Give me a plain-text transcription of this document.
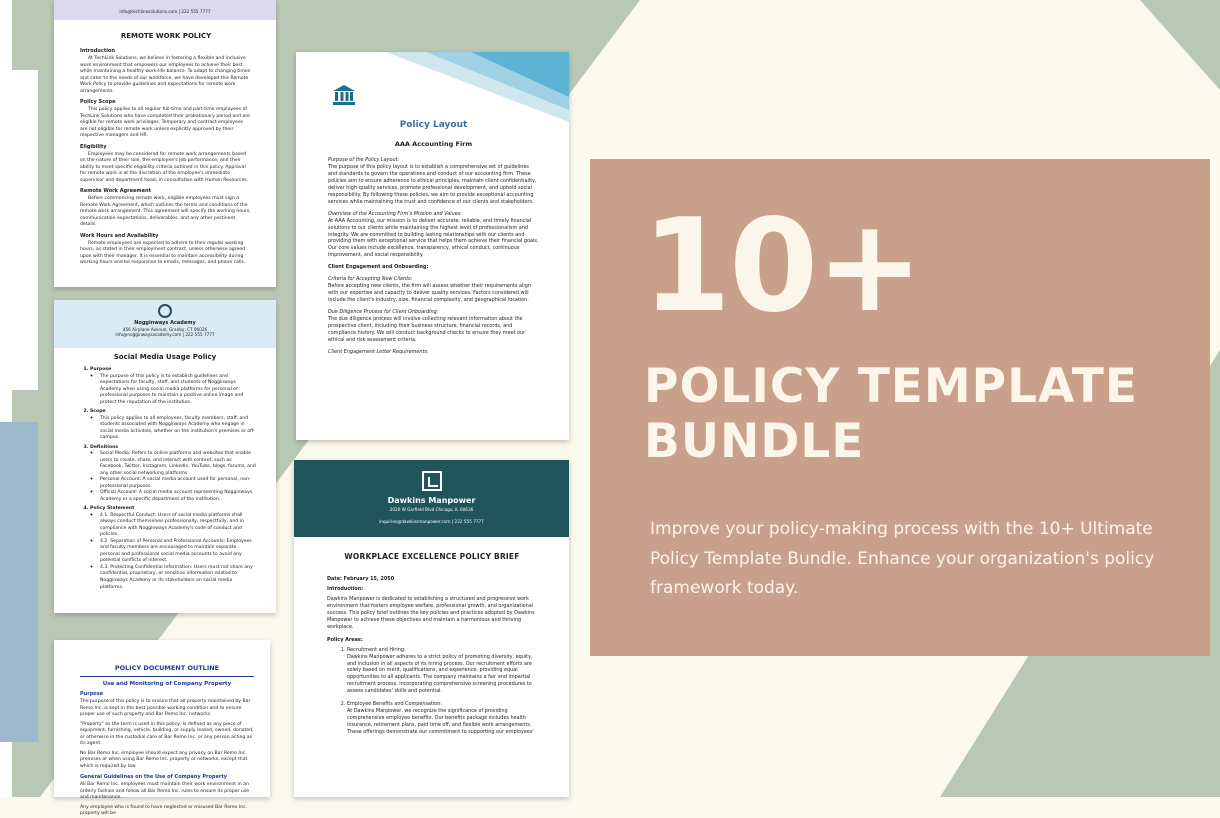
info@techlinesolutions.com | 222 555 7777
REMOTE WORK POLICY
Introduction

At TechLink Solutions, we believe in fostering a flexible and inclusive work environment that empowers our employees to achieve their best while maintaining a healthy work-life balance. To adapt to changing times and cater to the needs of our workforce, we have developed this Remote Work Policy to provide guidelines and expectations for remote work arrangements.

Policy Scope

This policy applies to all regular full-time and part-time employees of TechLink Solutions who have completed their probationary period and are eligible for remote work privileges. Temporary and contract employees are not eligible for remote work unless explicitly approved by their respective managers and HR.

Eligibility

Employees may be considered for remote work arrangements based on the nature of their role, the employee's job performance, and their ability to meet specific eligibility criteria outlined in this policy. Approval for remote work is at the discretion of the employee's immediate supervisor and department head, in consultation with Human Resources.

Remote Work Agreement

Before commencing remote work, eligible employees must sign a Remote Work Agreement, which outlines the terms and conditions of the remote work arrangement. This agreement will specify the working hours, communication expectations, deliverables, and any other pertinent details.

Work Hours and Availability

Remote employees are expected to adhere to their regular working hours, as stated in their employment contract, unless otherwise agreed upon with their manager. It is essential to maintain accessibility during working hours and be responsive to emails, messages, and phone calls.

Nogginways Academy

456 Airplane Avenue, Granby, CT 06026

info@nogginwaysacademy.com | 222 555 7777

Social Media Usage Policy
1. Purpose
◦ The purpose of this policy is to establish guidelines and expectations for faculty, staff, and students of Nogginways Academy when using social media platforms for personal or professional purposes to maintain a positive online image and protect the reputation of the institution.
2. Scope
◦ This policy applies to all employees, faculty members, staff, and students associated with Nogginways Academy who engage in social media activities, whether on the institution's premises or off-campus.
3. Definitions
◦ Social Media: Refers to online platforms and websites that enable users to create, share, and interact with content, such as Facebook, Twitter, Instagram, LinkedIn, YouTube, blogs, forums, and any other social networking platforms.
◦ Personal Account: A social media account used for personal, non-professional purposes.
◦ Official Account: A social media account representing Nogginways Academy or a specific department of the institution.
4. Policy Statement
◦ 4.1. Respectful Conduct: Users of social media platforms shall always conduct themselves professionally, respectfully, and in compliance with Nogginways Academy's code of conduct and policies.
◦ 4.2. Separation of Personal and Professional Accounts: Employees and faculty members are encouraged to maintain separate personal and professional social media accounts to avoid any potential conflicts of interest.
◦ 4.3. Protecting Confidential Information: Users must not share any confidential, proprietary, or sensitive information related to Nogginways Academy or its stakeholders on social media platforms.
POLICY DOCUMENT OUTLINE
Use and Monitoring of Company Property
Purpose

The purpose of this policy is to ensure that all property maintained by Bar Remo Inc. is kept in the best possible working condition and to ensure proper use of such property and Bar Remo Inc. networks.

"Property" as the term is used in this policy, is defined as any piece of equipment, furnishing, vehicle, building, or supply leased, owned, donated, or otherwise in the custodial care of Bar Remo Inc. or any person acting as its agent.

No Bar Remo Inc. employee should expect any privacy on Bar Remo Inc. premises or when using Bar Remo Inc. property or networks, except that which is required by law.

General Guidelines on the Use of Company Property

All Bar Remo Inc. employees must maintain their work environment in an orderly fashion and follow all Bar Remo Inc. rules to ensure its proper use and maintenance.

Any employee who is found to have neglected or misused Bar Remo Inc. property will be

Policy Layout
AAA Accounting Firm

Purpose of the Policy Layout:

The purpose of this policy layout is to establish a comprehensive set of guidelines and standards to govern the operations and conduct of our accounting firm. These policies aim to ensure adherence to ethical principles, maintain client confidentiality, deliver high-quality services, promote professional development, and uphold social responsibility. By following these policies, we aim to provide exceptional accounting services while maintaining the trust and confidence of our clients and stakeholders.

Overview of the Accounting Firm's Mission and Values:

At AAA Accounting, our mission is to deliver accurate, reliable, and timely financial solutions to our clients while maintaining the highest level of professionalism and integrity. We are committed to building lasting relationships with our clients and providing them with exceptional service that helps them achieve their financial goals. Our core values include excellence, transparency, ethical conduct, continuous improvement, and social responsibility.

Client Engagement and Onboarding:

Criteria for Accepting New Clients:

Before accepting new clients, the firm will assess whether their requirements align with our expertise and capacity to deliver quality services. Factors considered will include the client's industry, size, financial complexity, and geographical location.

Due Diligence Process for Client Onboarding:

The due diligence process will involve collecting relevant information about the prospective client, including their business structure, financial records, and compliance history. We will conduct background checks to ensure they meet our ethical and risk assessment criteria.

Client Engagement Letter Requirements:

Dawkins Manpower

2020 W Garfield Blvd Chicago, IL 60636

inquiries@dawkinsmanpower.com | 222 555 7777

WORKPLACE EXCELLENCE POLICY BRIEF

Date: February 15, 2050

Introduction:

Dawkins Manpower is dedicated to establishing a structured and progressive work environment that fosters employee welfare, professional growth, and organizational success. This policy brief outlines the key policies and practices adopted by Dawkins Manpower to achieve these objectives and maintain a harmonious and thriving workplace.

Policy Areas:

1. Recruitment and Hiring:
Dawkins Manpower adheres to a strict policy of promoting diversity, equity, and inclusion in all aspects of its hiring process. Our recruitment efforts are solely based on merit, qualifications, and experience, providing equal opportunities to all applicants. The company maintains a fair and impartial recruitment process, incorporating comprehensive screening procedures to assess candidates' skills and potential.
2. Employee Benefits and Compensation:
At Dawkins Manpower, we recognize the significance of providing comprehensive employee benefits. Our benefits package includes health insurance, retirement plans, paid time off, and flexible work arrangements. These offerings demonstrate our commitment to supporting our employees'
10+
POLICY TEMPLATE
BUNDLE
Improve your policy-making process with the 10+ Ultimate Policy Template Bundle. Enhance your organization's policy framework today.
